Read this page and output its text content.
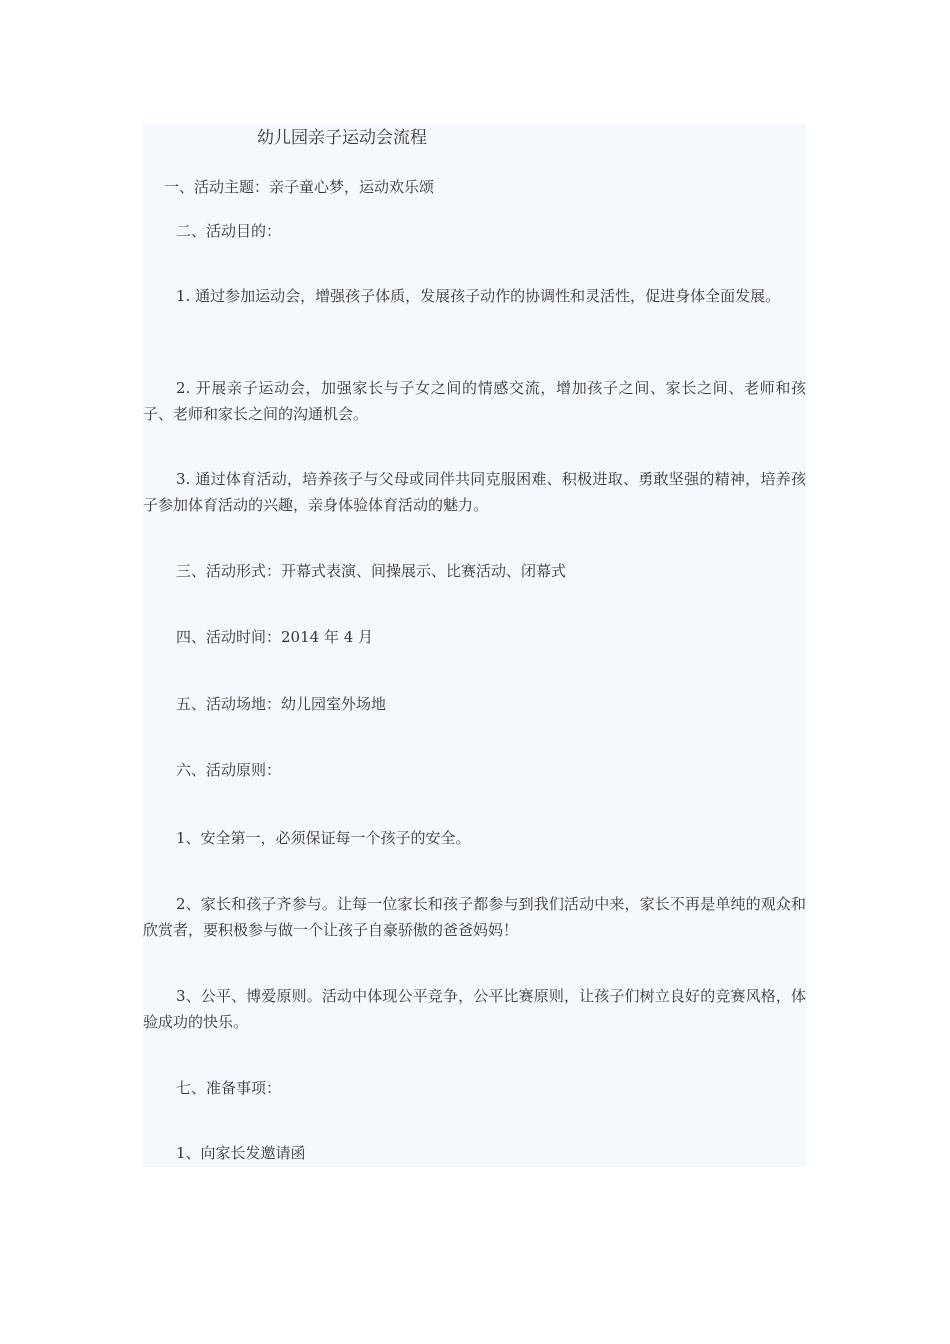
幼儿园亲子运动会流程
一、活动主题：亲子童心梦，运动欢乐颂
二、活动目的：
1. 通过参加运动会，增强孩子体质，发展孩子动作的协调性和灵活性，促进身体全面发展。
2. 开展亲子运动会，加强家长与子女之间的情感交流，增加孩子之间、家长之间、老师和孩子、老师和家长之间的沟通机会。
3. 通过体育活动，培养孩子与父母或同伴共同克服困难、积极进取、勇敢坚强的精神，培养孩子参加体育活动的兴趣，亲身体验体育活动的魅力。
三、活动形式：开幕式表演、间操展示、比赛活动、闭幕式
四、活动时间：2014 年 4 月
五、活动场地：幼儿园室外场地
六、活动原则：
1、安全第一，必须保证每一个孩子的安全。
2、家长和孩子齐参与。让每一位家长和孩子都参与到我们活动中来，家长不再是单纯的观众和欣赏者，要积极参与做一个让孩子自豪骄傲的爸爸妈妈！
3、公平、博爱原则。活动中体现公平竞争，公平比赛原则，让孩子们树立良好的竞赛风格，体验成功的快乐。
七、准备事项：
1、向家长发邀请函
